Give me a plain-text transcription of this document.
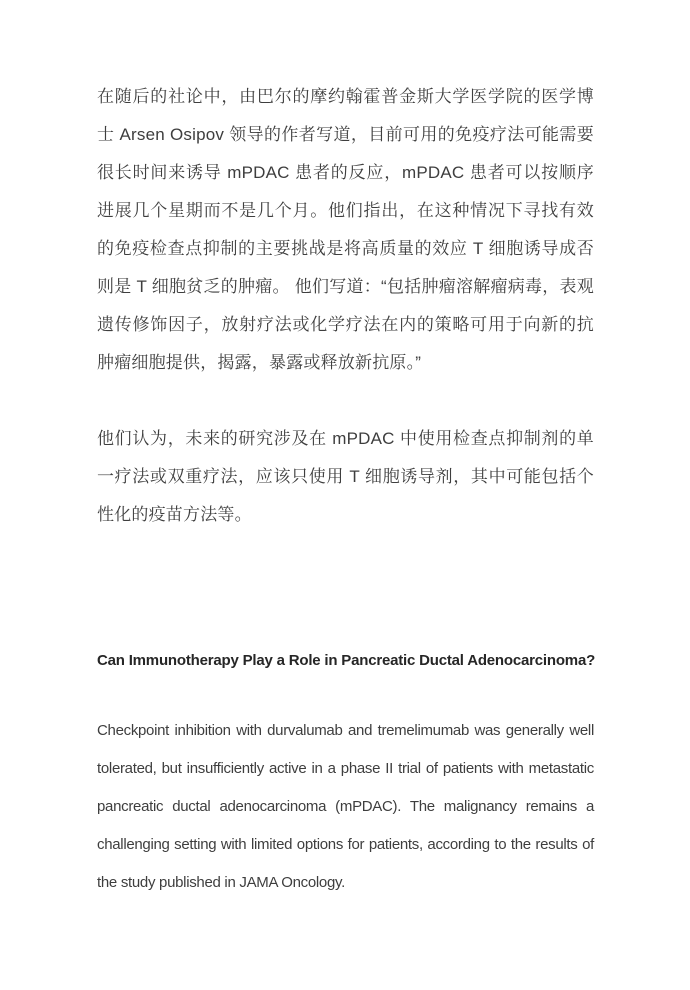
在随后的社论中，由巴尔的摩约翰霍普金斯大学医学院的医学博士 Arsen Osipov 领导的作者写道，目前可用的免疫疗法可能需要很长时间来诱导 mPDAC 患者的反应，mPDAC 患者可以按顺序进展几个星期而不是几个月。他们指出，在这种情况下寻找有效的免疫检查点抑制的主要挑战是将高质量的效应 T 细胞诱导成否则是 T 细胞贫乏的肿瘤。 他们写道：“包括肿瘤溶解瘤病毒，表观遗传修饰因子，放射疗法或化学疗法在内的策略可用于向新的抗肿瘤细胞提供，揭露，暴露或释放新抗原。”

他们认为，未来的研究涉及在 mPDAC 中使用检查点抑制剂的单一疗法或双重疗法，应该只使用 T 细胞诱导剂，其中可能包括个性化的疫苗方法等。

Can Immunotherapy Play a Role in Pancreatic Ductal Adenocarcinoma?

Checkpoint inhibition with durvalumab and tremelimumab was generally well tolerated, but insufficiently active in a phase II trial of patients with metastatic pancreatic ductal adenocarcinoma (mPDAC). The malignancy remains a challenging setting with limited options for patients, according to the results of the study published in JAMA Oncology.
